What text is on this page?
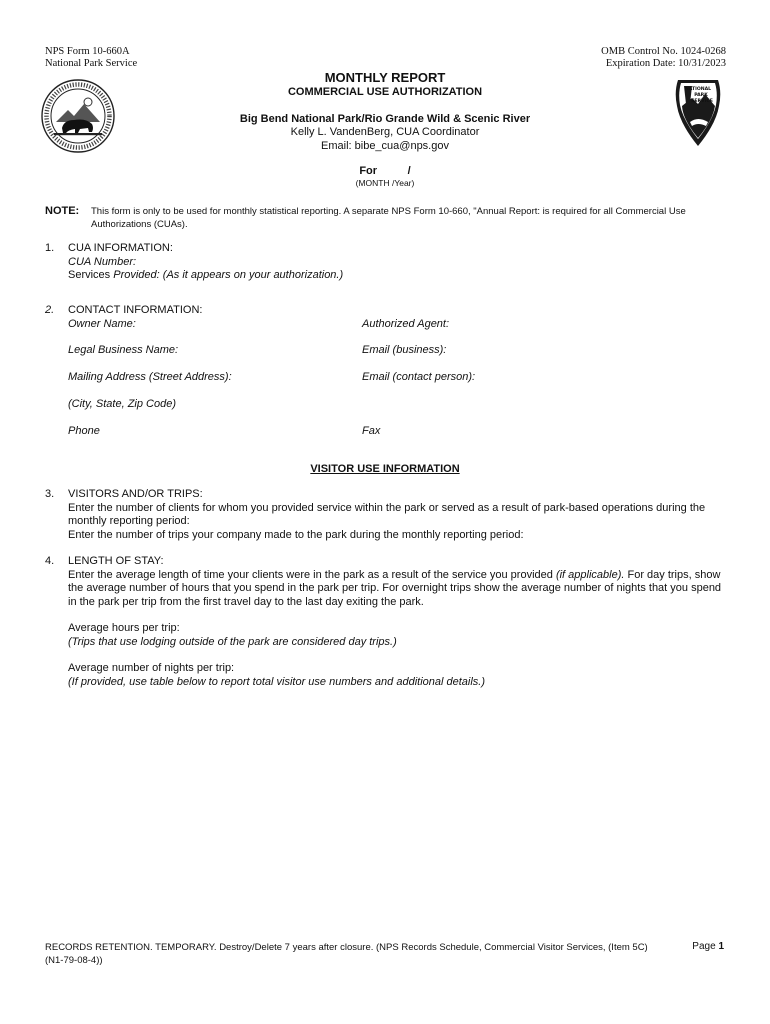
NPS Form 10-660A
National Park Service
OMB Control No. 1024-0268
Expiration Date: 10/31/2023
NATIONAL
PARK
SERVICE
MONTHLY REPORT
COMMERCIAL USE AUTHORIZATION
Big Bend National Park/Rio Grande Wild & Scenic River
Kelly L. VandenBerg, CUA Coordinator
Email: bibe_cua@nps.gov
For          /
(MONTH /Year)
NOTE: This form is only to be used for monthly statistical reporting. A separate NPS Form 10-660, "Annual Report: is required for all Commercial Use Authorizations (CUAs).
1. CUA INFORMATION:
CUA Number:
Services Provided: (As it appears on your authorization.)
2. CONTACT INFORMATION:
Owner Name:	Authorized Agent:
Legal Business Name:	Email (business):
Mailing Address (Street Address):	Email (contact person):
(City, State, Zip Code)
Phone	Fax
VISITOR USE INFORMATION
3. VISITORS AND/OR TRIPS:
Enter the number of clients for whom you provided service within the park or served as a result of park-based operations during the monthly reporting period:
Enter the number of trips your company made to the park during the monthly reporting period:
4. LENGTH OF STAY:
Enter the average length of time your clients were in the park as a result of the service you provided (if applicable). For day trips, show the average number of hours that you spend in the park per trip. For overnight trips show the average number of nights that you spend in the park per trip from the first travel day to the last day exiting the park.
Average hours per trip:
(Trips that use lodging outside of the park are considered day trips.)
Average number of nights per trip:
(If provided, use table below to report total visitor use numbers and additional details.)
RECORDS RETENTION. TEMPORARY. Destroy/Delete 7 years after closure. (NPS Records Schedule, Commercial Visitor Services, (Item 5C) (N1-79-08-4))
Page 1
